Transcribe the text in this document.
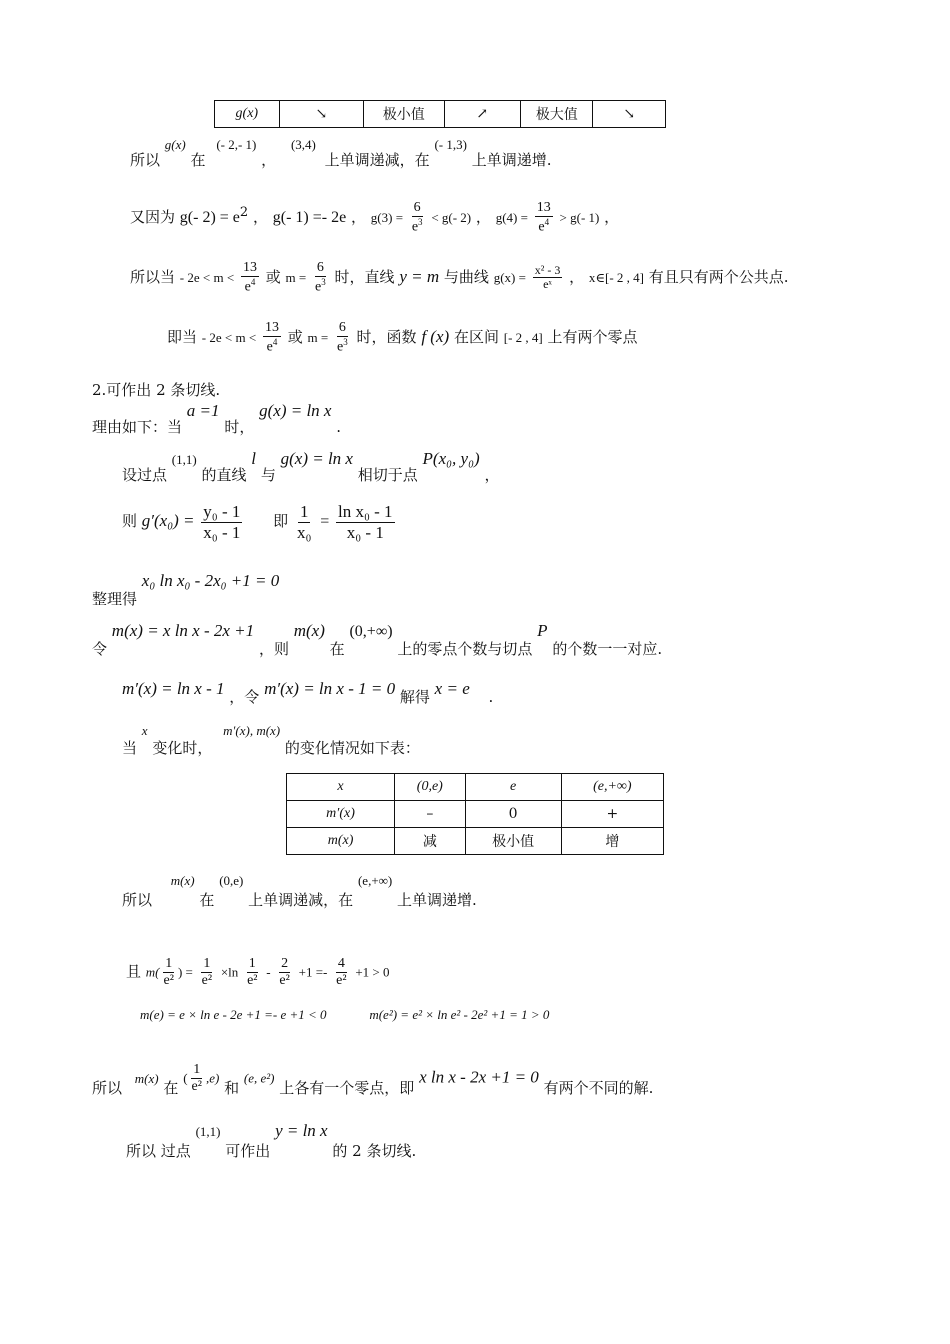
g(x)	↘	极小值	↗	极大值	↘
所以 g(x) 在 (- 2,- 1) ， (3,4) 上单调递减，在 (- 1,3) 上单调递增.
又因为 g(- $2) = e^2$ ， g(- 1) =- 2e ， $g(3) = \frac{6}{e^3} < g(-$ 2) ， $g(4) = \frac{13}{e^4} > g(-$ 1) ，
所以当 - $2e < m < \frac{13}{e^4}$ 或 $m = \frac{6}{e^3}$ 时，直线 y = m 与曲线 $g(x) = \frac{\text{x² - 3}}{\text{eˣ}}$ ， x∈[- 2 , 4] 有且只有两个公共点.
即当 - $2e < m < \frac{13}{e^4}$ 或 $m = \frac{6}{e^3}$ 时，函数 f (x) 在区间 [- 2 , 4] 上有两个零点
2.可作出 2 条切线.
理由如下：当 a =1 时， g(x) = ln x .
设过点 (1,1) 的直线 l 与 g(x) = ln x 相切于点 P(x₀, y₀) ，
则 $g'(x_0) = \frac{\text{y₀ - 1}}{\text{x₀ - 1}}$ 即 $\frac{1}{\text{x₀}} = \frac{\text{ln x₀ - 1}}{\text{x₀ - 1}}$
整理得 x₀ ln x₀ - 2x₀ +1 = 0
令 m(x) = x ln x - 2x +1 ，则 m(x) 在 (0,+∞) 上的零点个数与切点 P 的个数一一对应.
m′(x) = ln x - 1 ，令 m′(x) = ln x - 1 = 0 解得 x = e .
当 x 变化时， m′(x), m(x) 的变化情况如下表：
x	(0,e)	e	(e,+∞)
m′(x)	–	0	+
m(x)	减	极小值	增
所以 m(x) 在 (0,e) 上单调递减，在 (e,+∞) 上单调递增.
且 $m( \frac{1}{\text{e²}}$ ) = $\frac{1}{\text{e²}} \times\ln \frac{1}{\text{e²}} - \frac{2}{\text{e²}} +1 =- \frac{4}{\text{e²}} +1 > 0$
m(e) = e × ln e - 2e +1 =- e +1 < 0	m(e²) = e² × ln e² - 2e² +1 = 1 > 0
所以 m(x) 在 ( $\frac{1}{\text{e²}} ,e$) 和 (e, e²) 上各有一个零点，即 x ln x - 2x +1 = 0 有两个不同的解.
所以 过点 (1,1) 可作出 y = ln x 的 2 条切线.
